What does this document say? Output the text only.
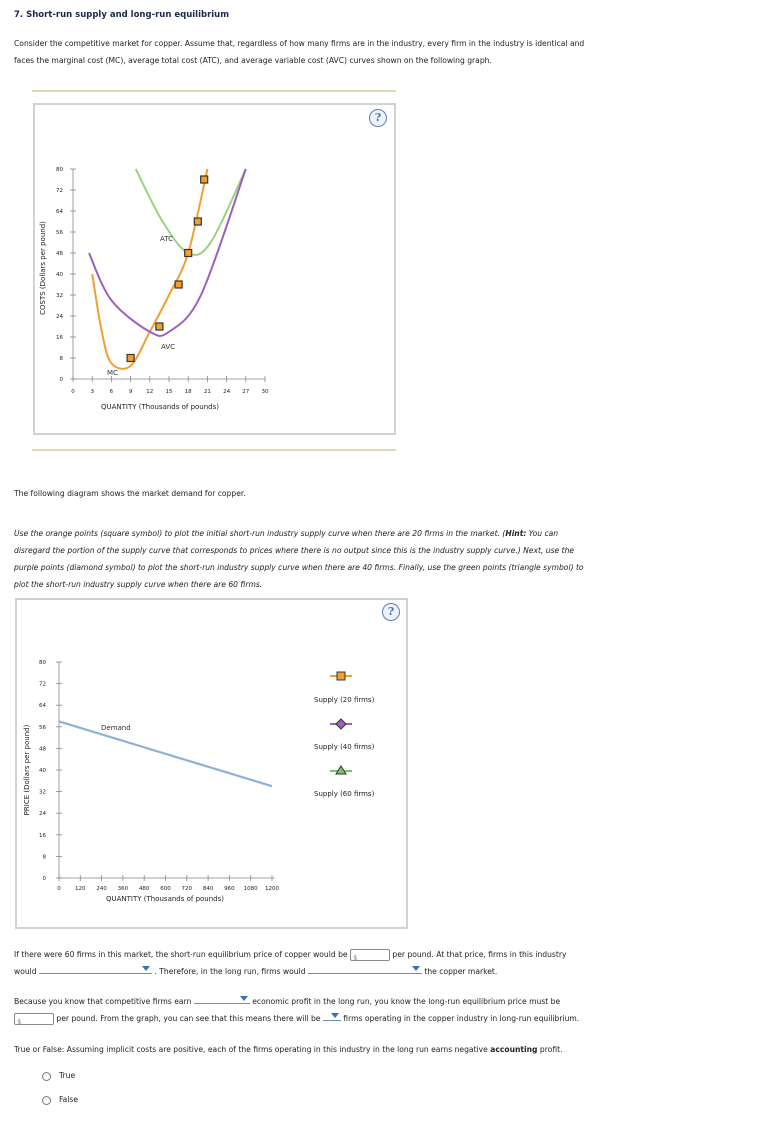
7. Short-run supply and long-run equilibrium
Consider the competitive market for copper. Assume that, regardless of how many firms are in the industry, every firm in the industry is identical and
faces the marginal cost (MC), average total cost (ATC), and average variable cost (AVC) curves shown on the following graph.
?
COSTS (Dollars per pound)
0
8
16
24
32
40
48
56
64
72
80
0	3	6	9	12 15 18 21 24 27 30
ATC
AVC
MC
QUANTITY (Thousands of pounds)
The following diagram shows the market demand for copper.
Use the orange points (square symbol) to plot the initial short-run industry supply curve when there are 20 firms in the market. (Hint: You can
disregard the portion of the supply curve that corresponds to prices where there is no output since this is the industry supply curve.) Next, use the
purple points (diamond symbol) to plot the short-run industry supply curve when there are 40 firms. Finally, use the green points (triangle symbol) to
plot the short-run industry supply curve when there are 60 firms.
?
PRICE (Dollars per pound)
0
8
16
24
32
40
48
56
64
72
80
0	120 240 360 480 600 720 840 960 1080 1200
Demand
QUANTITY (Thousands of pounds)
Supply (20 firms)
Supply (40 firms)
Supply (60 firms)
If there were 60 firms in this market, the short-run equilibrium price of copper would be $	per pound. At that price, firms in this industry
would	. Therefore, in the long run, firms would	the copper market.
Because you know that competitive firms earn	economic profit in the long run, you know the long-run equilibrium price must be
$	per pound. From the graph, you can see that this means there will be	firms operating in the copper industry in long-run equilibrium.
True or False: Assuming implicit costs are positive, each of the firms operating in this industry in the long run earns negative accounting profit.
True
False
